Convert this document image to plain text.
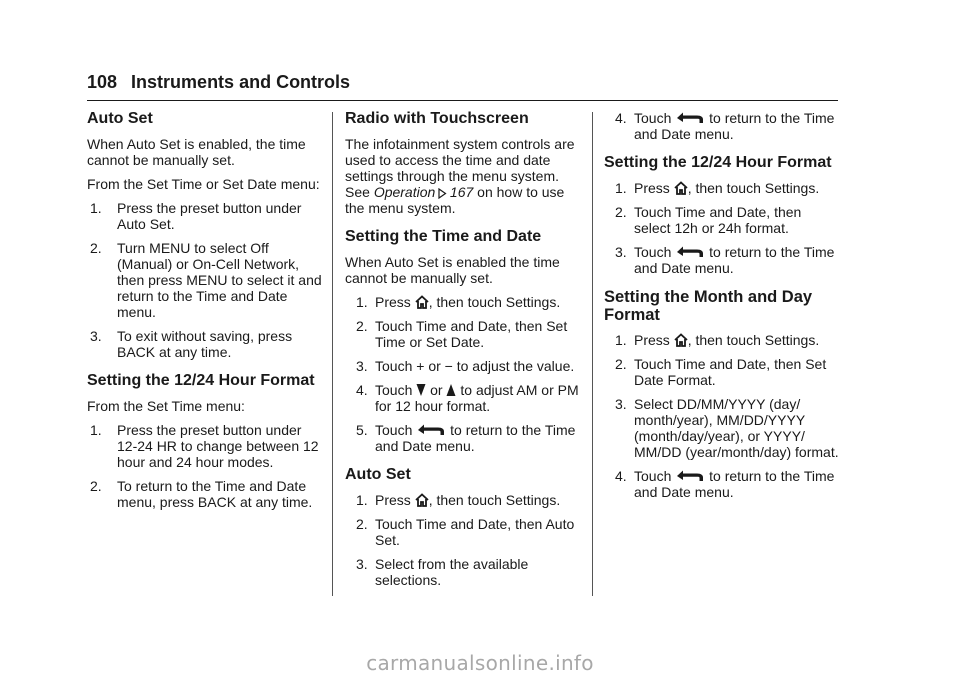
108 Instruments and Controls
Auto Set

When Auto Set is enabled, the time cannot be manually set.

From the Set Time or Set Date menu:

1. Press the preset button under Auto Set.
2. Turn MENU to select Off (Manual) or On-Cell Network, then press MENU to select it and return to the Time and Date menu.
3. To exit without saving, press BACK at any time.
Setting the 12/24 Hour Format

From the Set Time menu:

1. Press the preset button under 12-24 HR to change between 12 hour and 24 hour modes.
2. To return to the Time and Date menu, press BACK at any time.
Radio with Touchscreen

The infotainment system controls are used to access the time and date settings through the menu system. See Operation   167 on how to use the menu system.

Setting the Time and Date

When Auto Set is enabled the time cannot be manually set.

1. Press , then touch Settings.
2. Touch Time and Date, then Set Time or Set Date.
3. Touch + or − to adjust the value.
4. Touch or to adjust AM or PM for 12 hour format.
5. Touch	to return to the Time and Date menu.
Auto Set
1. Press , then touch Settings.
2. Touch Time and Date, then Auto Set.
3. Select from the available selections.
4. Touch	to return to the Time and Date menu.
Setting the 12/24 Hour Format
1. Press , then touch Settings.
2. Touch Time and Date, then select 12h or 24h format.
3. Touch	to return to the Time and Date menu.
Setting the Month and Day Format
1. Press , then touch Settings.
2. Touch Time and Date, then Set Date Format.
3. Select DD/MM/YYYY (day/ month/year), MM/DD/YYYY (month/day/year), or YYYY/ MM/DD (year/month/day) format.
4. Touch	to return to the Time and Date menu.
carmanualsonline.info
